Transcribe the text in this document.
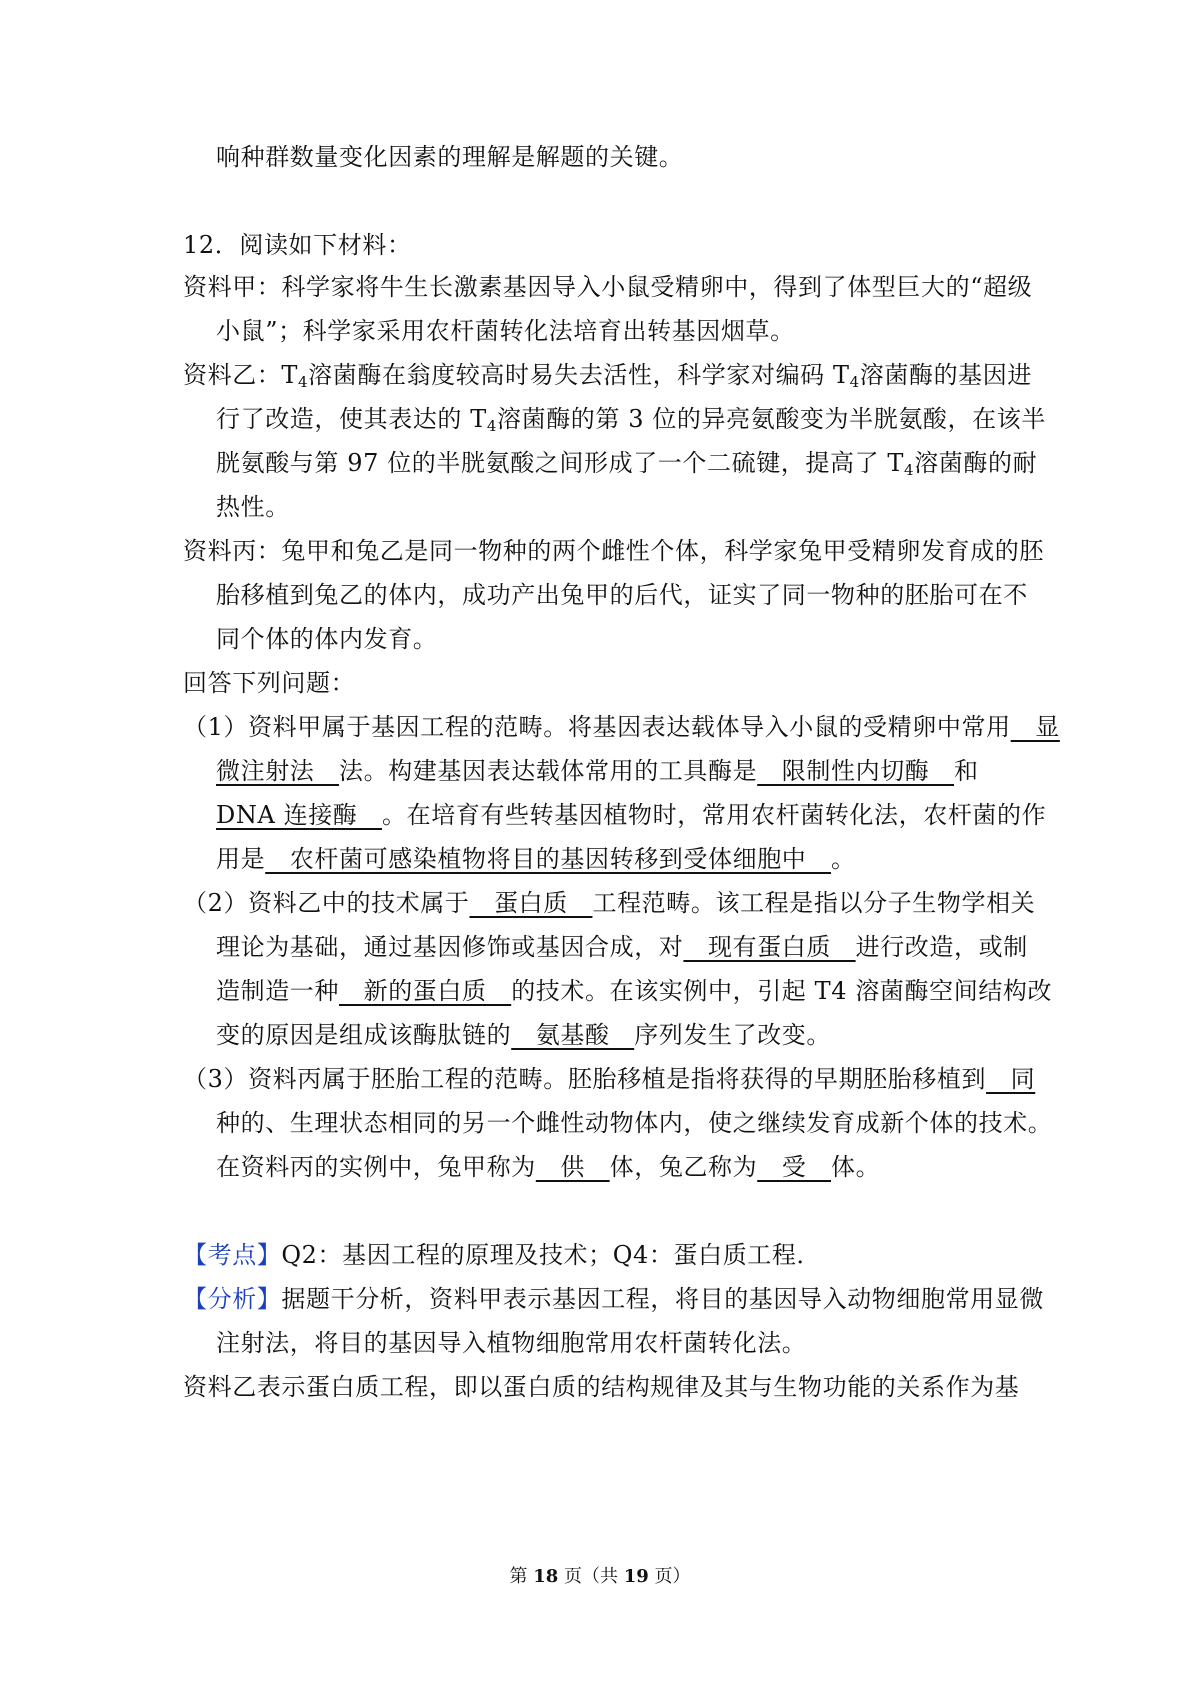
响种群数量变化因素的理解是解题的关键。
12．阅读如下材料：
资料甲：科学家将牛生长激素基因导入小鼠受精卵中，得到了体型巨大的“超级
小鼠”；科学家采用农杆菌转化法培育出转基因烟草。
资料乙：$T_4$溶菌酶在翁度较高时易失去活性，科学家对编码 $T_4$溶菌酶的基因进
行了改造，使其表达的 $T_4$溶菌酶的第 3 位的异亮氨酸变为半胱氨酸，在该半
胱氨酸与第 97 位的半胱氨酸之间形成了一个二硫键，提高了 $T_4$溶菌酶的耐
热性。
资料丙：兔甲和兔乙是同一物种的两个雌性个体，科学家兔甲受精卵发育成的胚
胎移植到兔乙的体内，成功产出兔甲的后代，证实了同一物种的胚胎可在不
同个体的体内发育。
回答下列问题：
（1）资料甲属于基因工程的范畴。将基因表达载体导入小鼠的受精卵中常用　显
微注射法　法。构建基因表达载体常用的工具酶是　限制性内切酶　和
DNA 连接酶　。在培育有些转基因植物时，常用农杆菌转化法，农杆菌的作
用是　农杆菌可感染植物将目的基因转移到受体细胞中　。
（2）资料乙中的技术属于　蛋白质　工程范畴。该工程是指以分子生物学相关
理论为基础，通过基因修饰或基因合成，对　现有蛋白质　进行改造，或制
造制造一种　新的蛋白质　的技术。在该实例中，引起 T4 溶菌酶空间结构改
变的原因是组成该酶肽链的　氨基酸　序列发生了改变。
（3）资料丙属于胚胎工程的范畴。胚胎移植是指将获得的早期胚胎移植到　同
种的、生理状态相同的另一个雌性动物体内，使之继续发育成新个体的技术。
在资料丙的实例中，兔甲称为　供　体，兔乙称为　受　体。
【考点】Q2：基因工程的原理及技术；Q4：蛋白质工程．
【分析】据题干分析，资料甲表示基因工程，将目的基因导入动物细胞常用显微
注射法，将目的基因导入植物细胞常用农杆菌转化法。
资料乙表示蛋白质工程，即以蛋白质的结构规律及其与生物功能的关系作为基
第 18 页（共 19 页）
